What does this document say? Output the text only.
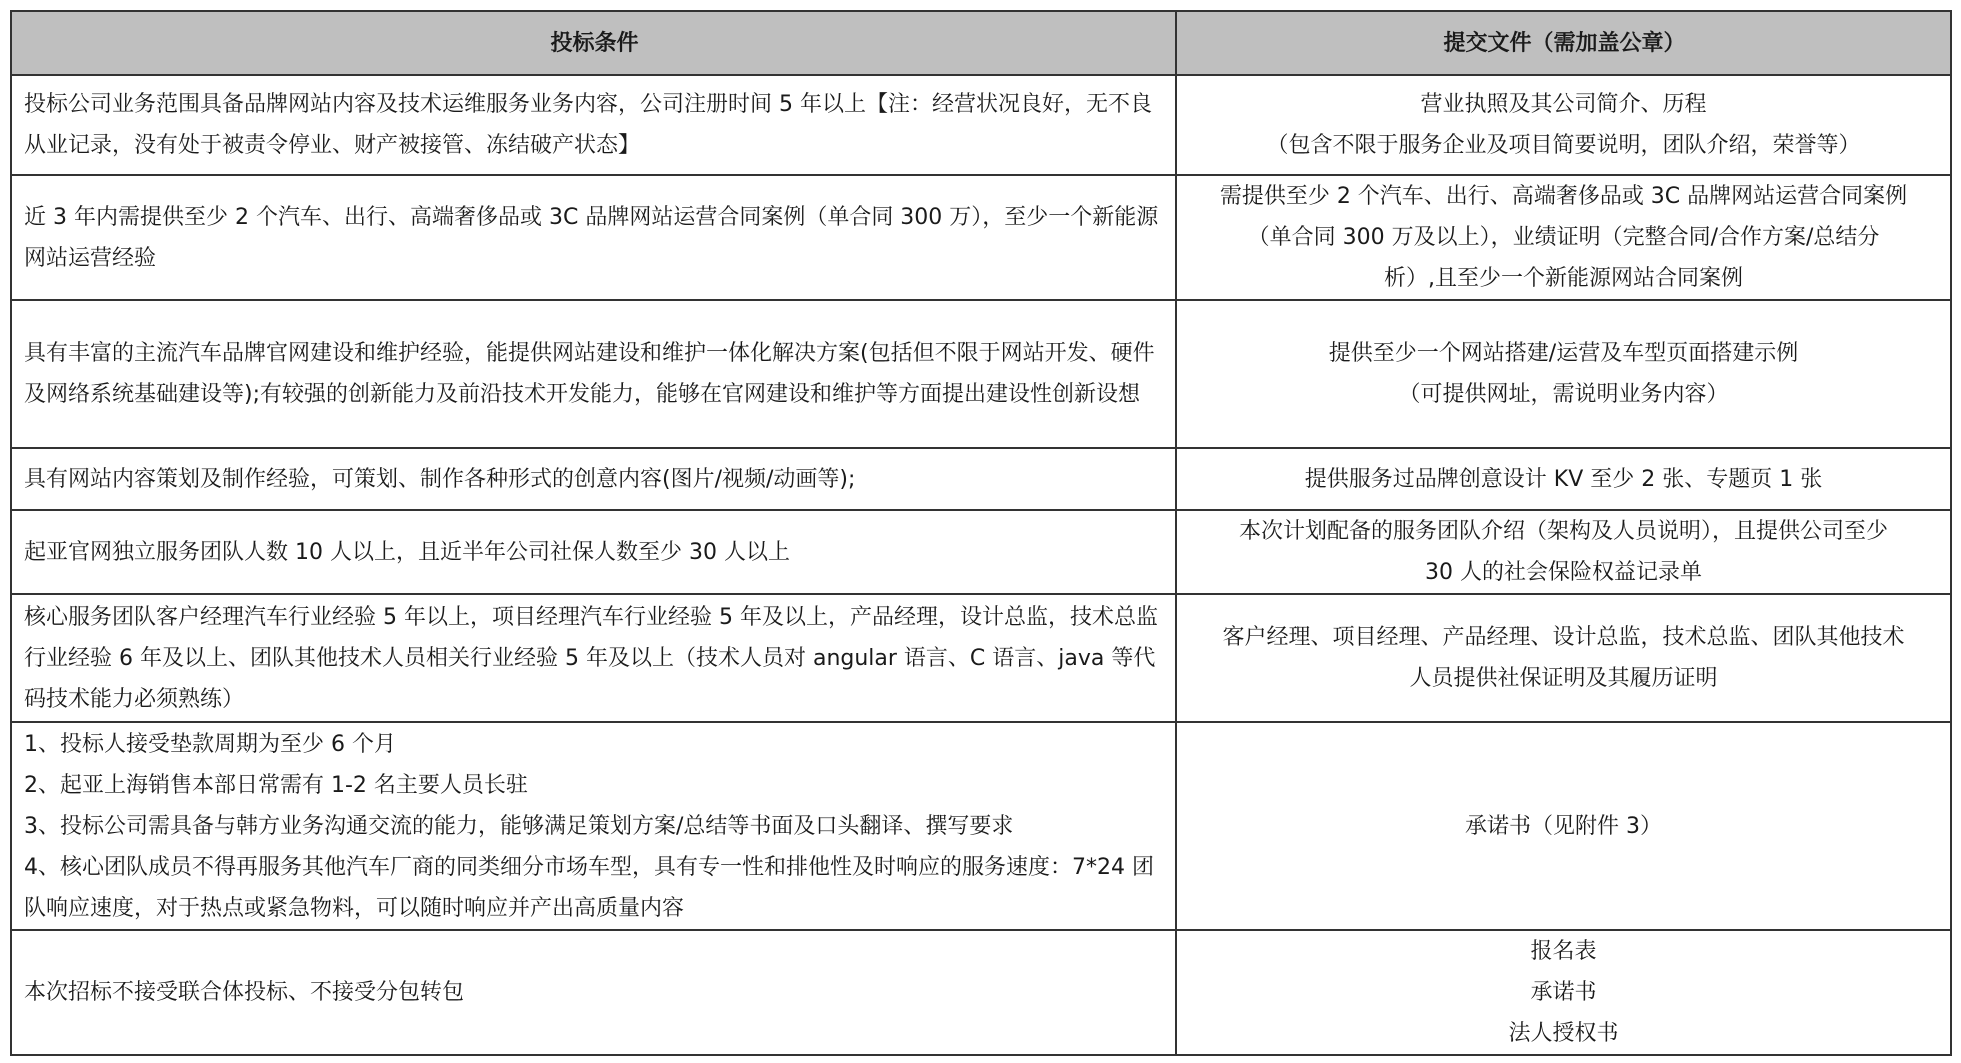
投标条件	提交文件（需加盖公章）

投标公司业务范围具备品牌网站内容及技术运维服务业务内容，公司注册时间 5 年以上【注：经营状况良好，无不良从业记录，没有处于被责令停业、财产被接管、冻结破产状态】	营业执照及其公司简介、历程
（包含不限于服务企业及项目简要说明，团队介绍，荣誉等）

近 3 年内需提供至少 2 个汽车、出行、高端奢侈品或 3C 品牌网站运营合同案例（单合同 300 万），至少一个新能源网站运营经验	需提供至少 2 个汽车、出行、高端奢侈品或 3C 品牌网站运营合同案例
（单合同 300 万及以上），业绩证明（完整合同/合作方案/总结分
析）,且至少一个新能源网站合同案例

具有丰富的主流汽车品牌官网建设和维护经验，能提供网站建设和维护一体化解决方案(包括但不限于网站开发、硬件及网络系统基础建设等);有较强的创新能力及前沿技术开发能力，能够在官网建设和维护等方面提出建设性创新设想	提供至少一个网站搭建/运营及车型页面搭建示例
（可提供网址，需说明业务内容）

具有网站内容策划及制作经验，可策划、制作各种形式的创意内容(图片/视频/动画等);	提供服务过品牌创意设计 KV 至少 2 张、专题页 1 张

起亚官网独立服务团队人数 10 人以上，且近半年公司社保人数至少 30 人以上	本次计划配备的服务团队介绍（架构及人员说明），且提供公司至少
30 人的社会保险权益记录单

核心服务团队客户经理汽车行业经验 5 年以上，项目经理汽车行业经验 5 年及以上，产品经理，设计总监，技术总监行业经验 6 年及以上、团队其他技术人员相关行业经验 5 年及以上（技术人员对 angular 语言、C 语言、java 等代码技术能力必须熟练）	客户经理、项目经理、产品经理、设计总监，技术总监、团队其他技术
人员提供社保证明及其履历证明

1、投标人接受垫款周期为至少 6 个月
2、起亚上海销售本部日常需有 1-2 名主要人员长驻
3、投标公司需具备与韩方业务沟通交流的能力，能够满足策划方案/总结等书面及口头翻译、撰写要求
4、核心团队成员不得再服务其他汽车厂商的同类细分市场车型，具有专一性和排他性及时响应的服务速度：7*24 团队响应速度，对于热点或紧急物料，可以随时响应并产出高质量内容	承诺书（见附件 3）

本次招标不接受联合体投标、不接受分包转包	报名表
承诺书
法人授权书
